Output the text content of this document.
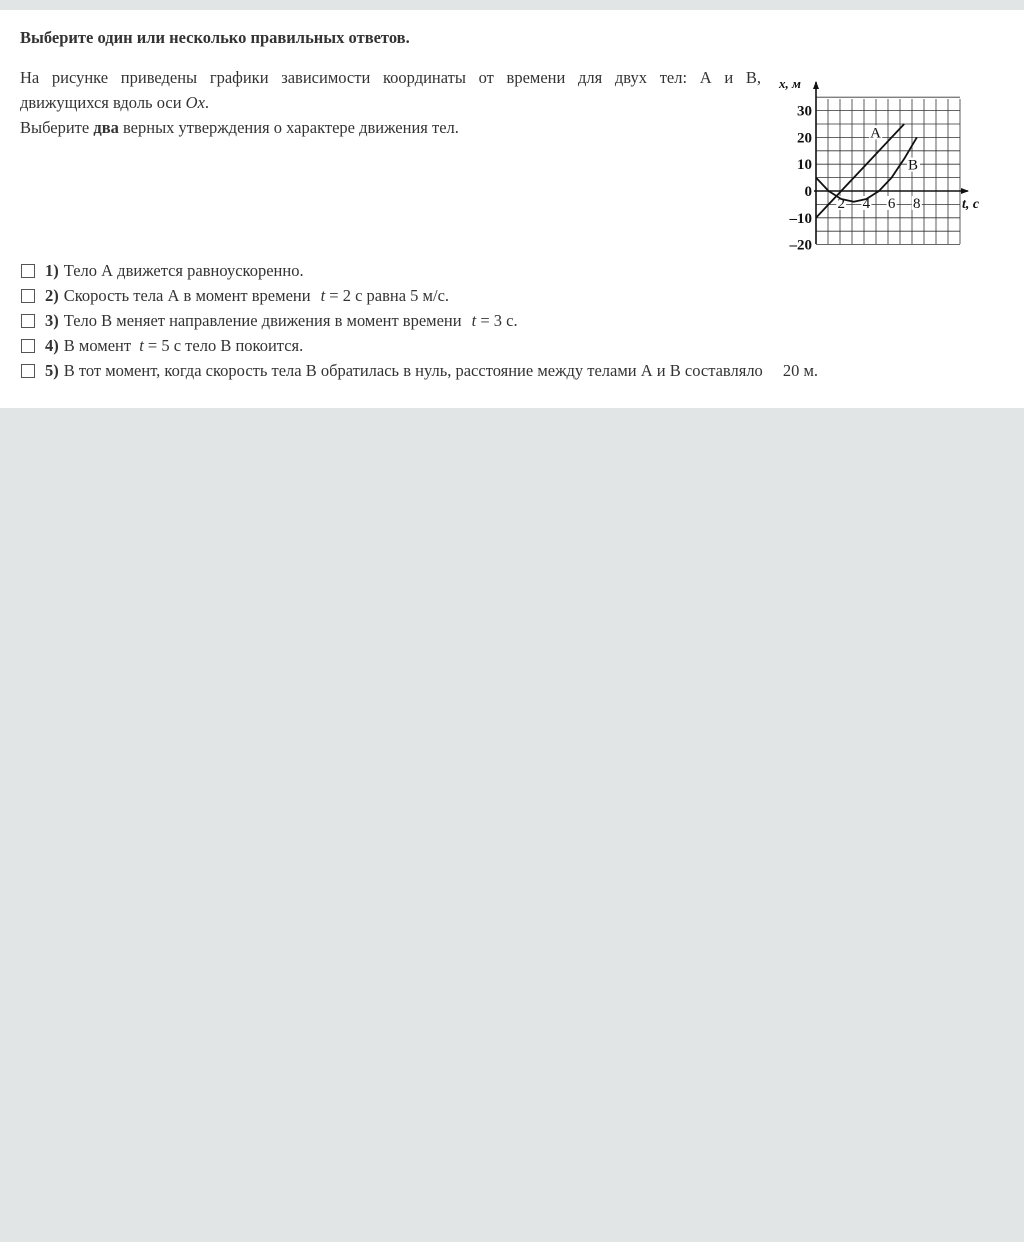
Выберите один или несколько правильных ответов.
На рисунке приведены графики зависимости координаты от времени для двух тел: А и В,
движущихся вдоль оси Ox.
Выберите два верных утверждения о характере движения тел.
x, м
t, с
30
20
10
0
–10
–20
2 4 6 8
А
В
1) Тело А движется равноускоренно.
2) Скорость тела А в момент времени t = 2 с равна 5 м/с.
3) Тело В меняет направление движения в момент времени t = 3 с.
4) В момент t = 5 с тело В покоится.
5) В тот момент, когда скорость тела В обратилась в нуль, расстояние между телами А и В составляло 20 м.
